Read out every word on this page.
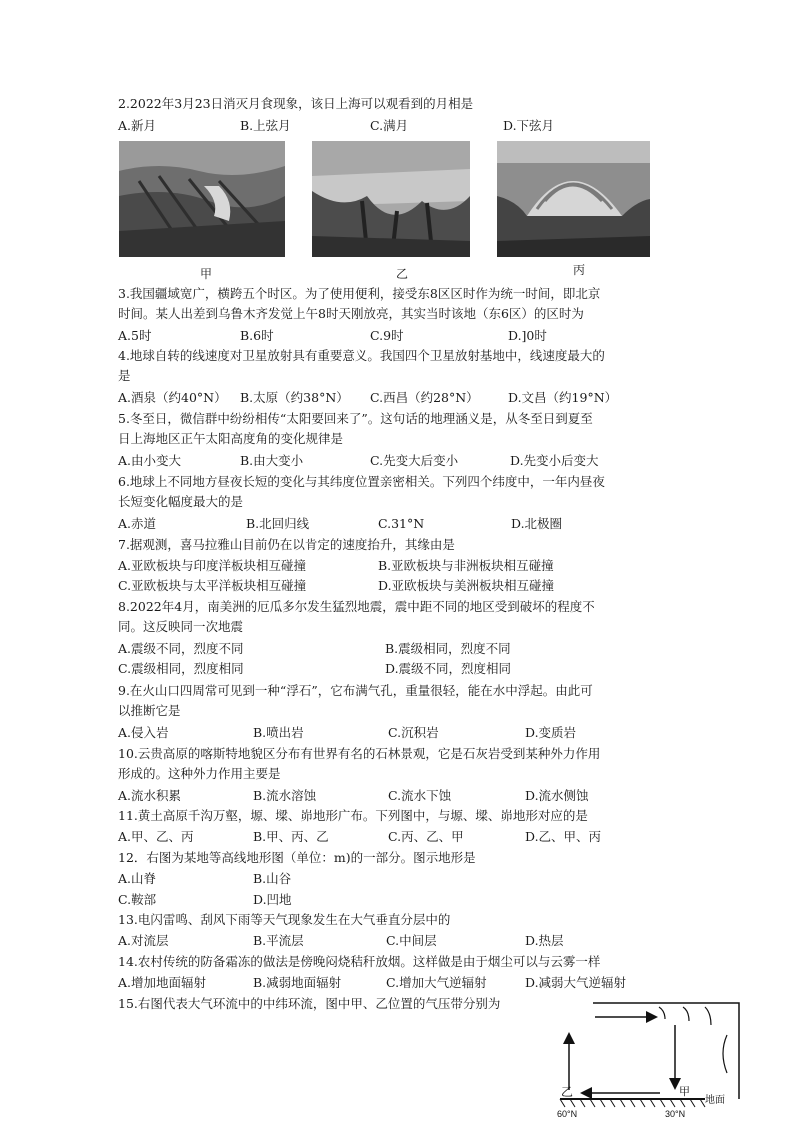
2.2022年3月23日消灭月食现象，该日上海可以观看到的月相是
A.新月	B.上弦月	C.满月	D.下弦月
甲	乙	丙
3.我国疆域宽广，横跨五个时区。为了使用便利，接受东8区区时作为统一时间，即北京
时间。某人出差到乌鲁木齐发觉上午8时天刚放亮，其实当时该地（东6区）的区时为
A.5时	B.6时	C.9时	D.]0时
4.地球自转的线速度对卫星放射具有重要意义。我国四个卫星放射基地中，线速度最大的
是
A.酒泉（约40°N） B.太原（约38°N） C.西昌（约28°N） D.文昌（约19°N）
5.冬至日，微信群中纷纷相传“太阳要回来了”。这句话的地理涵义是，从冬至日到夏至
日上海地区正午太阳高度角的变化规律是
A.由小变大	B.由大变小	C.先变大后变小	D.先变小后变大
6.地球上不同地方昼夜长短的变化与其纬度位置亲密相关。下列四个纬度中，一年内昼夜
长短变化幅度最大的是
A.赤道	B.北回归线	C.31°N	D.北极圈
7.据观测，喜马拉雅山目前仍在以肯定的速度抬升，其缘由是
A.亚欧板块与印度洋板块相互碰撞	B.亚欧板块与非洲板块相互碰撞
C.亚欧板块与太平洋板块相互碰撞	D.亚欧板块与美洲板块相互碰撞
8.2022年4月，南美洲的厄瓜多尔发生猛烈地震，震中距不同的地区受到破坏的程度不
同。这反映同一次地震
A.震级不同，烈度不同	B.震级相同，烈度不同
C.震级相同，烈度相同	D.震级不同，烈度相同
9.在火山口四周常可见到一种“浮石”，它布满气孔，重量很轻，能在水中浮起。由此可
以推断它是
A.侵入岩	B.喷出岩	C.沉积岩	D.变质岩
10.云贵高原的喀斯特地貌区分布有世界有名的石林景观，它是石灰岩受到某种外力作用
形成的。这种外力作用主要是
A.流水积累	B.流水溶蚀	C.流水下蚀	D.流水侧蚀
11.黄土高原千沟万壑，塬、墚、峁地形广布。下列图中，与塬、墚、峁地形对应的是
A.甲、乙、丙	B.甲、丙、乙	C.丙、乙、甲	D.乙、甲、丙
12．右图为某地等高线地形图（单位：m)的一部分。图示地形是
A.山脊	B.山谷
C.鞍部	D.凹地
13.电闪雷鸣、刮风下雨等天气现象发生在大气垂直分层中的
A.对流层	B.平流层	C.中间层	D.热层
14.农村传统的防备霜冻的做法是傍晚闷烧秸秆放烟。这样做是由于烟尘可以与云雾一样
A.增加地面辐射	B.减弱地面辐射	C.增加大气逆辐射	D.减弱大气逆辐射
15.右图代表大气环流中的中纬环流，图中甲、乙位置的气压带分别为
乙	甲
地面
60°N	30°N
